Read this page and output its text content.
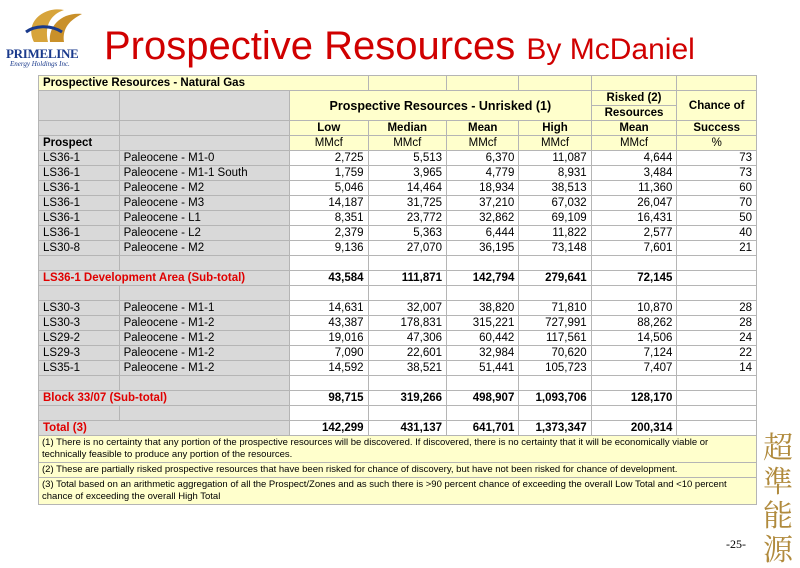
PRIMELINE
Energy Holdings Inc. Prospective Resources By McDaniel
Prospective Resources - Natural Gas							
		Prospective Resources - Unrisked (1)				Risked (2)	Chance of
						Resources	
		Low	Median	Mean	High	Mean	Success
Prospect		MMcf	MMcf	MMcf	MMcf	MMcf	%
LS36-1	Paleocene - M1-0	2,725	5,513	6,370	11,087	4,644	73
LS36-1	Paleocene - M1-1 South	1,759	3,965	4,779	8,931	3,484	73
LS36-1	Paleocene - M2	5,046	14,464	18,934	38,513	11,360	60
LS36-1	Paleocene - M3	14,187	31,725	37,210	67,032	26,047	70
LS36-1	Paleocene - L1	8,351	23,772	32,862	69,109	16,431	50
LS36-1	Paleocene - L2	2,379	5,363	6,444	11,822	2,577	40
LS30-8	Paleocene - M2	9,136	27,070	36,195	73,148	7,601	21

LS36-1 Development Area (Sub-total)		43,584	111,871	142,794	279,641	72,145	

LS30-3	Paleocene - M1-1	14,631	32,007	38,820	71,810	10,870	28
LS30-3	Paleocene - M1-2	43,387	178,831	315,221	727,991	88,262	28
LS29-2	Paleocene - M1-2	19,016	47,306	60,442	117,561	14,506	24
LS29-3	Paleocene - M1-2	7,090	22,601	32,984	70,620	7,124	22
LS35-1	Paleocene - M1-2	14,592	38,521	51,441	105,723	7,407	14

Block 33/07 (Sub-total)		98,715	319,266	498,907	1,093,706	128,170	

Total (3)		142,299	431,137	641,701	1,373,347	200,314	
(1) There is no certainty that any portion of the prospective resources will be discovered. If discovered, there is no certainty that it will be economically viable or technically feasible to produce any portion of the resources.							
(2) These are partially risked prospective resources that have been risked for chance of discovery, but have not been risked for chance of development.							
(3) Total based on an arithmetic aggregation of all the Prospect/Zones and as such there is >90 percent chance of exceeding the overall Low Total and <10 percent chance of exceeding the overall High Total							
超
準
能
源
-25-
